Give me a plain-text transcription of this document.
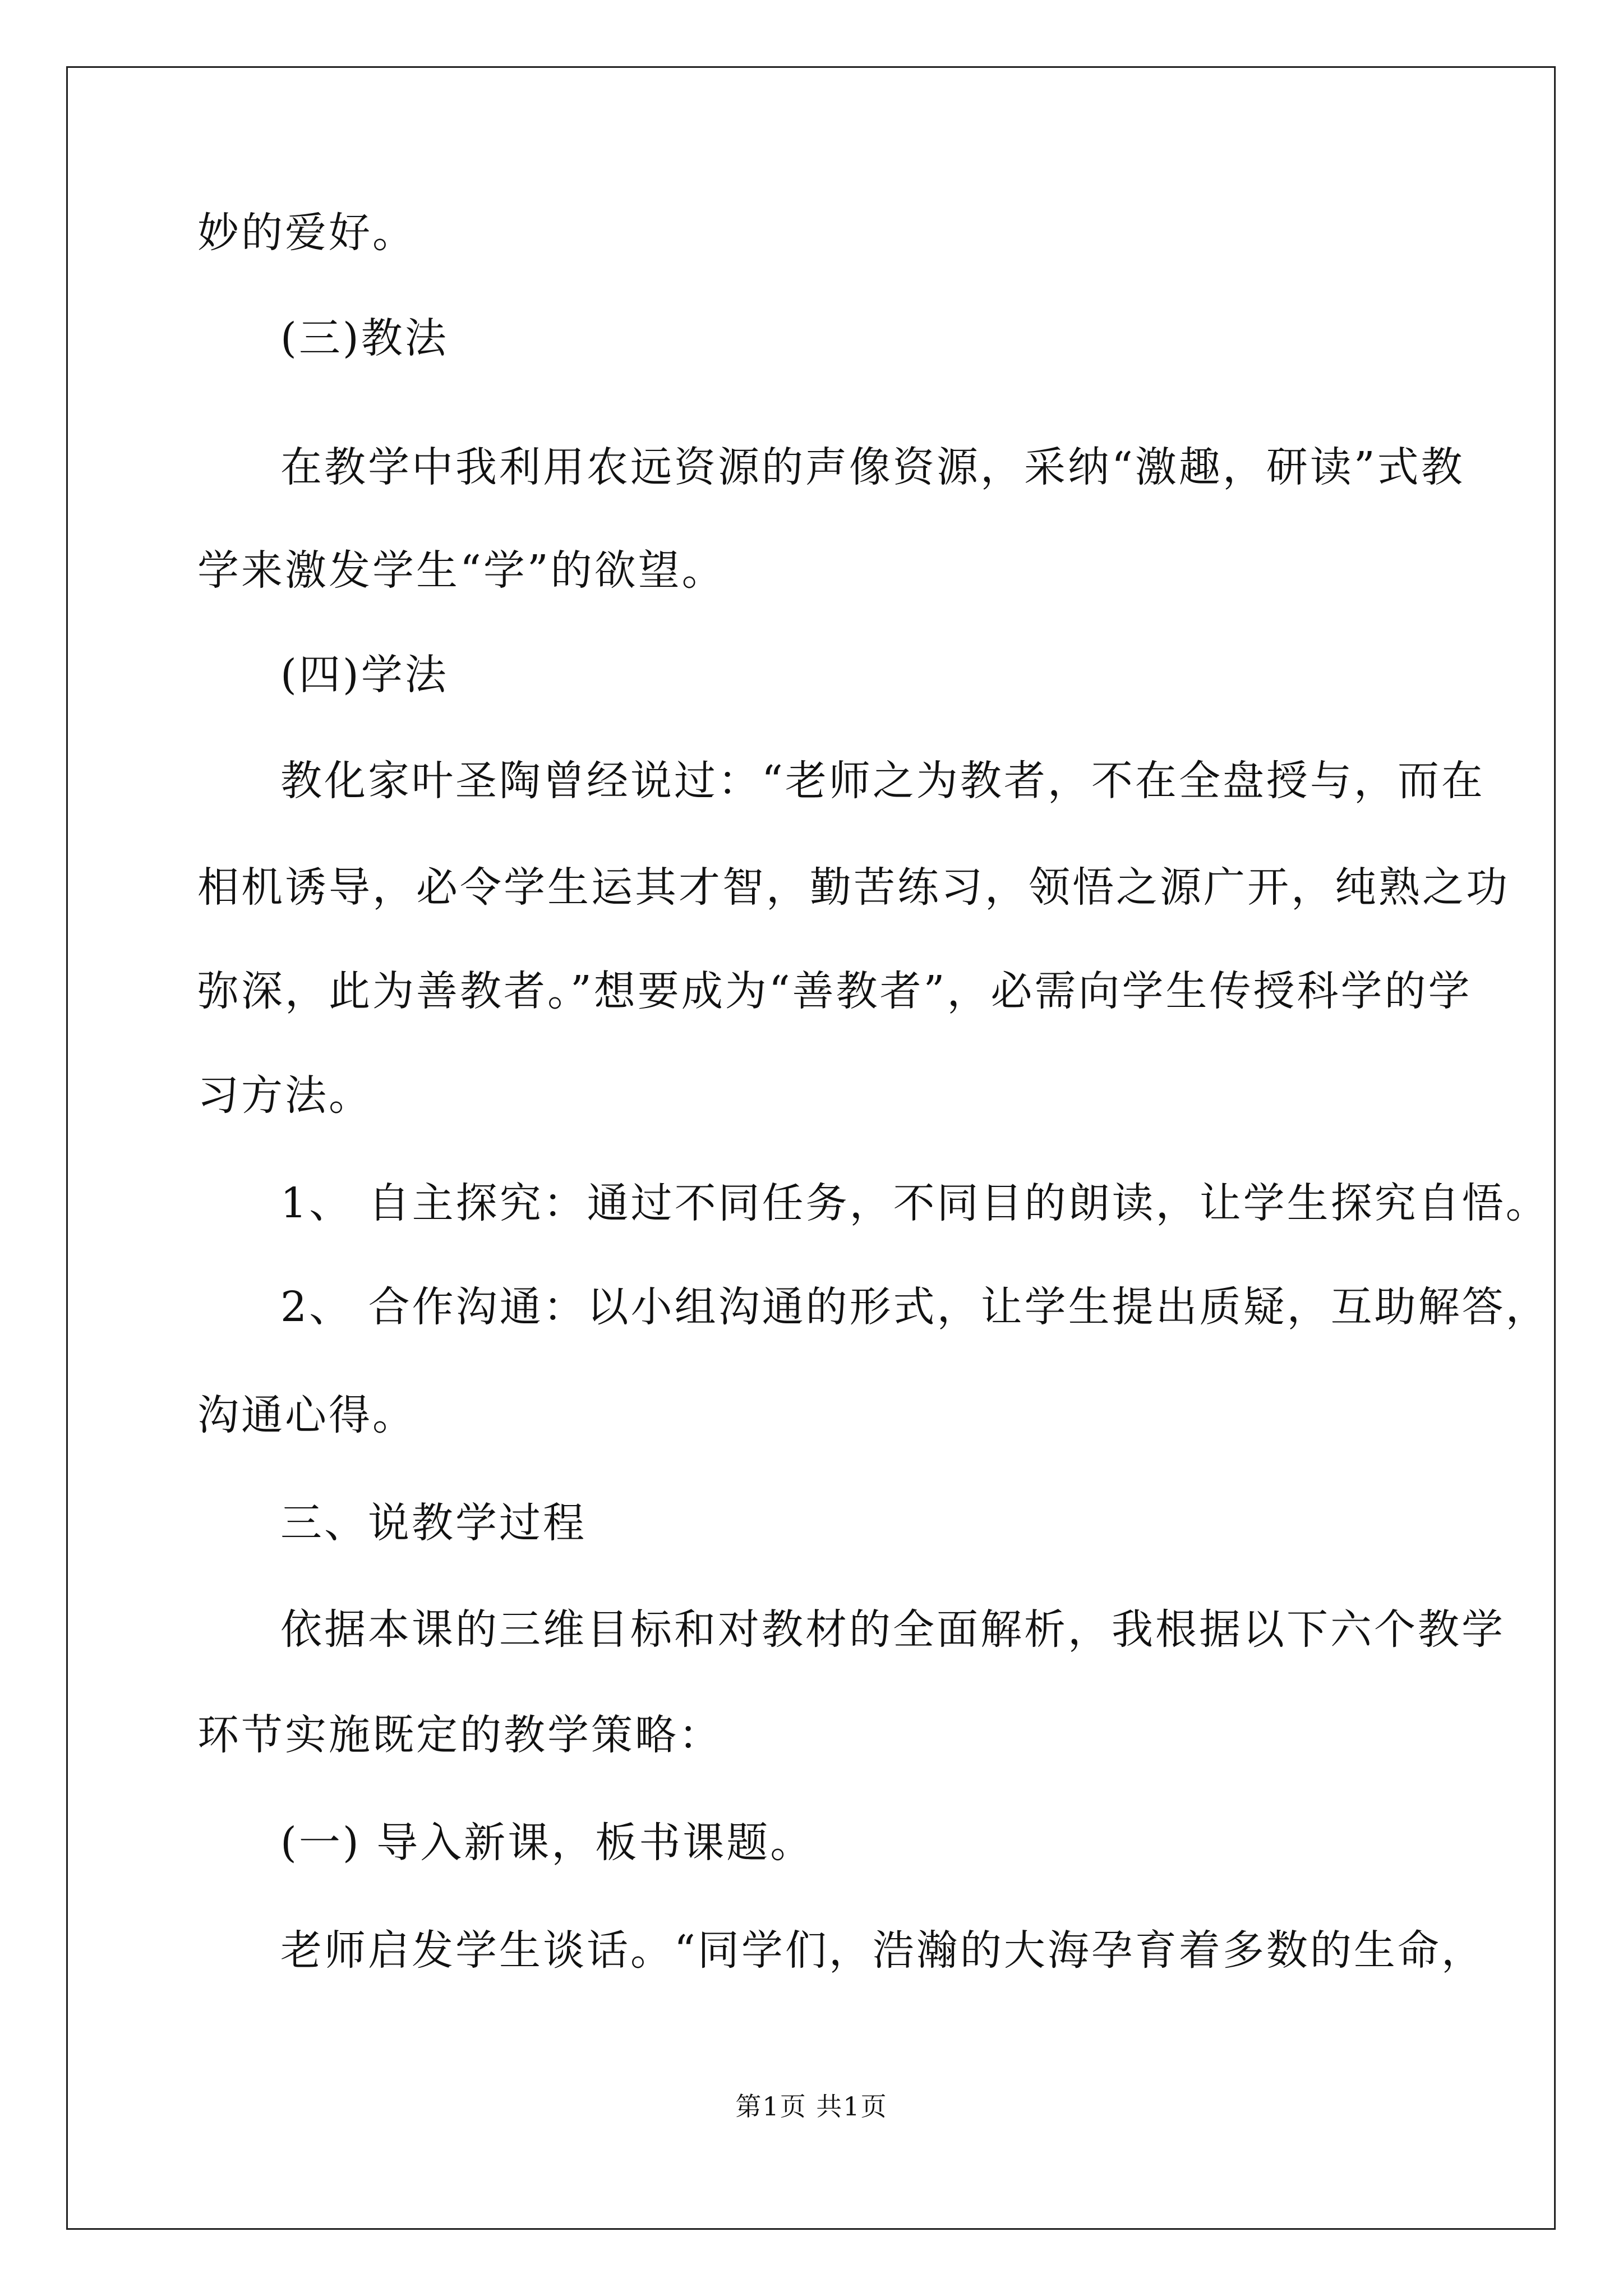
妙的爱好。
(三)教法
在教学中我利用农远资源的声像资源，采纳“激趣，研读”式教
学来激发学生“学”的欲望。
(四)学法
教化家叶圣陶曾经说过：“老师之为教者，不在全盘授与，而在
相机诱导，必令学生运其才智，勤苦练习，领悟之源广开，纯熟之功
弥深，此为善教者。”想要成为“善教者”，必需向学生传授科学的学
习方法。
1、 自主探究：通过不同任务，不同目的朗读，让学生探究自悟。
2、 合作沟通：以小组沟通的形式，让学生提出质疑，互助解答，
沟通心得。
三、说教学过程
依据本课的三维目标和对教材的全面解析，我根据以下六个教学
环节实施既定的教学策略：
(一) 导入新课，板书课题。
老师启发学生谈话。“同学们，浩瀚的大海孕育着多数的生命，
第1页 共1页
